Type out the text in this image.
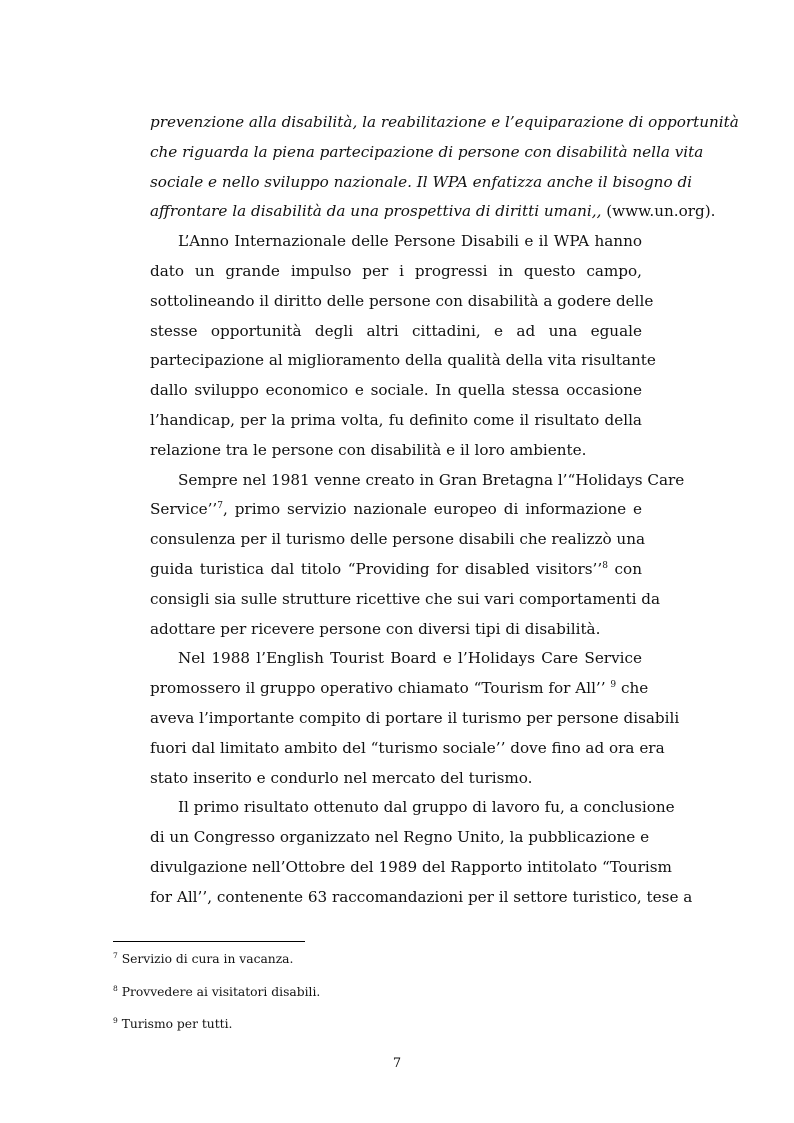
prevenzione alla disabilità, la reabilitazione e l’equiparazione di opportunità
che riguarda la piena partecipazione di persone con disabilità nella vita
sociale e nello sviluppo nazionale. Il WPA enfatizza anche il bisogno di
affrontare la disabilità da una prospettiva di diritti umani,, (www.un.org).
L’Anno Internazionale delle Persone Disabili e il WPA hanno
dato un grande impulso per i progressi in questo campo,
sottolineando il diritto delle persone con disabilità a godere delle
stesse opportunità degli altri cittadini, e ad una eguale
partecipazione al miglioramento della qualità della vita risultante
dallo sviluppo economico e sociale. In quella stessa occasione
l’handicap, per la prima volta, fu definito come il risultato della
relazione tra le persone con disabilità e il loro ambiente.
Sempre nel 1981 venne creato in Gran Bretagna l’“Holidays Care
Service’’$^7$, primo servizio nazionale europeo di informazione e
consulenza per il turismo delle persone disabili che realizzò una
guida turistica dal titolo “Providing for disabled visitors’’$^8$ con
consigli sia sulle strutture ricettive che sui vari comportamenti da
adottare per ricevere persone con diversi tipi di disabilità.
Nel 1988 l’English Tourist Board e l’Holidays Care Service
promossero il gruppo operativo chiamato “Tourism for All’’ $^9$ che
aveva l’importante compito di portare il turismo per persone disabili
fuori dal limitato ambito del “turismo sociale’’ dove fino ad ora era
stato inserito e condurlo nel mercato del turismo.
Il primo risultato ottenuto dal gruppo di lavoro fu, a conclusione
di un Congresso organizzato nel Regno Unito, la pubblicazione e
divulgazione nell’Ottobre del 1989 del Rapporto intitolato “Tourism
for All’’, contenente 63 raccomandazioni per il settore turistico, tese a
$^7$ Servizio di cura in vacanza.
$^8$ Provvedere ai visitatori disabili.
$^9$ Turismo per tutti.
7
